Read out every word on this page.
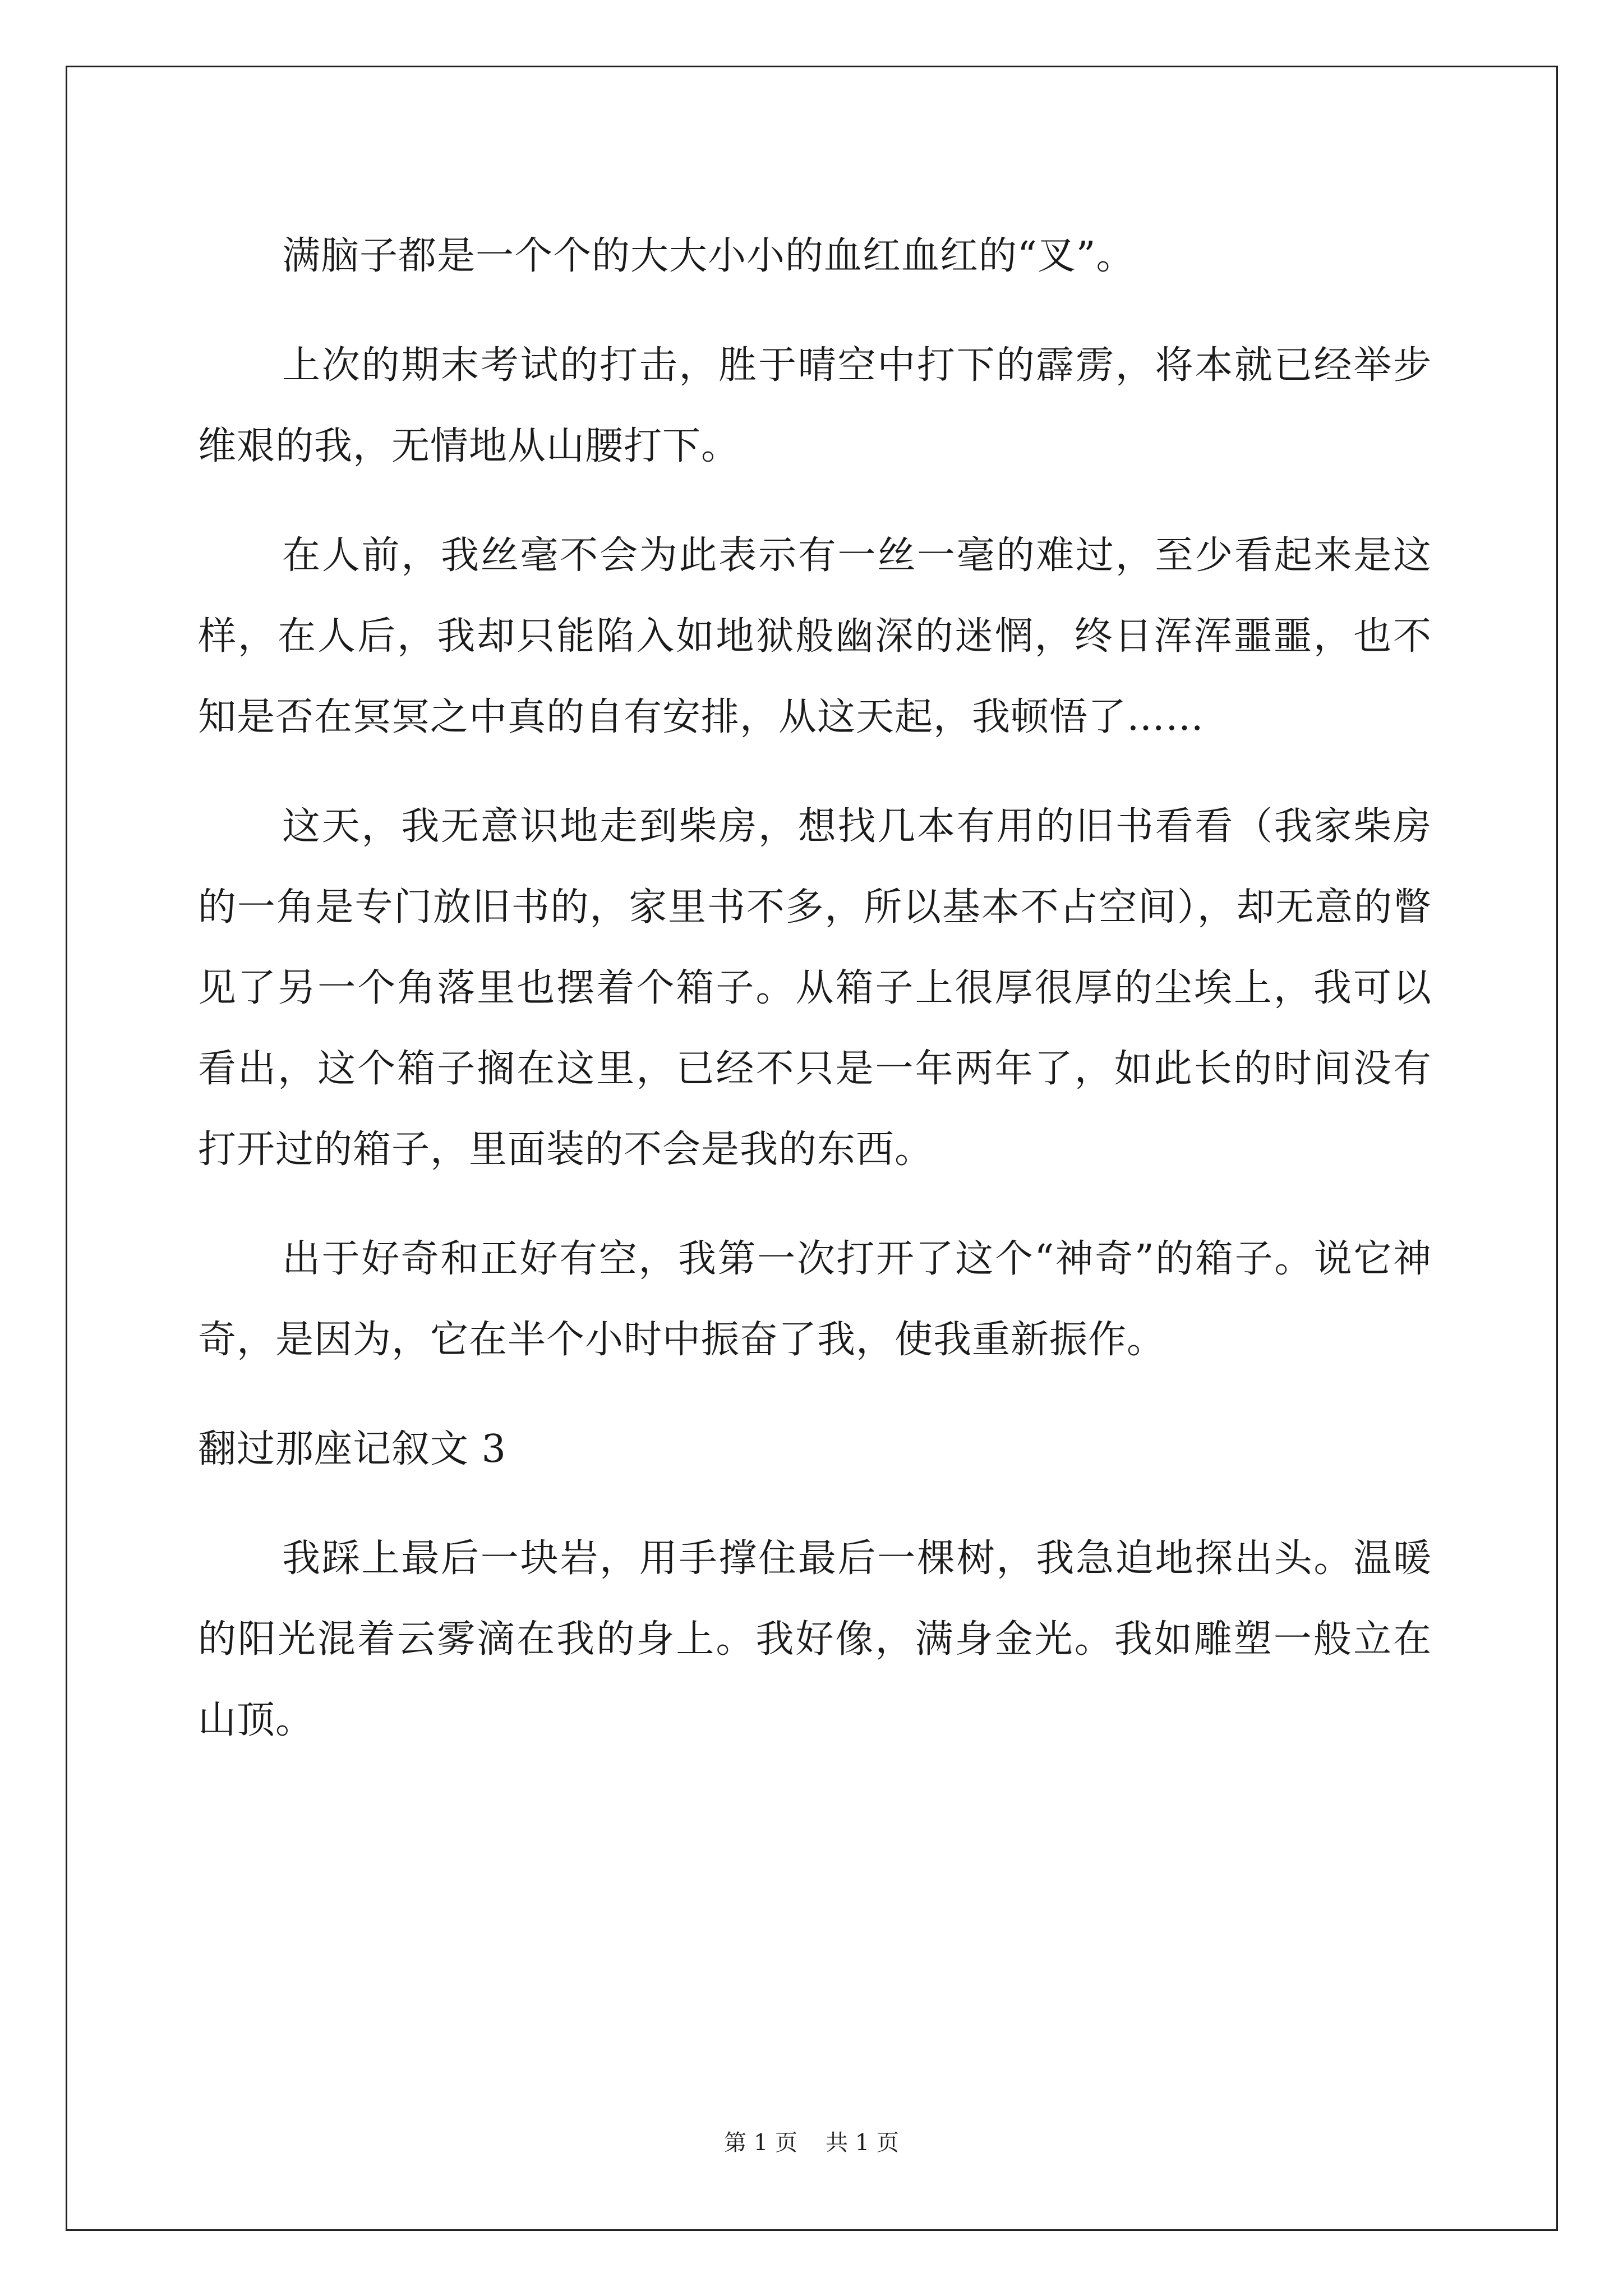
满脑子都是一个个的大大小小的血红血红的“叉”。

上次的期末考试的打击，胜于晴空中打下的霹雳，将本就已经举步维艰的我，无情地从山腰打下。

在人前，我丝毫不会为此表示有一丝一毫的难过，至少看起来是这样，在人后，我却只能陷入如地狱般幽深的迷惘，终日浑浑噩噩，也不知是否在冥冥之中真的自有安排，从这天起，我顿悟了……

这天，我无意识地走到柴房，想找几本有用的旧书看看（我家柴房的一角是专门放旧书的，家里书不多，所以基本不占空间），却无意的瞥见了另一个角落里也摆着个箱子。从箱子上很厚很厚的尘埃上，我可以看出，这个箱子搁在这里，已经不只是一年两年了，如此长的时间没有打开过的箱子，里面装的不会是我的东西。

出于好奇和正好有空，我第一次打开了这个“神奇”的箱子。说它神奇，是因为，它在半个小时中振奋了我，使我重新振作。

翻过那座记叙文 3

我踩上最后一块岩，用手撑住最后一棵树，我急迫地探出头。温暖的阳光混着云雾滴在我的身上。我好像，满身金光。我如雕塑一般立在山顶。

第 1 页 共 1 页
